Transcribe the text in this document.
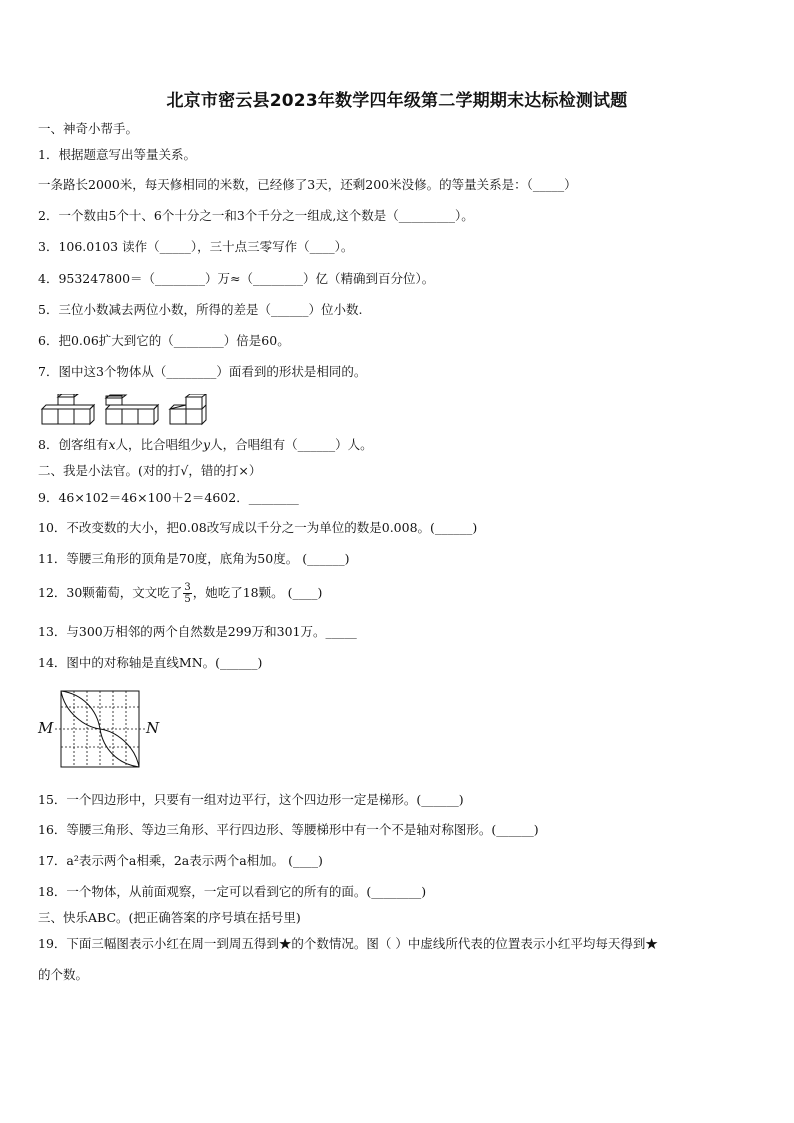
北京市密云县2023年数学四年级第二学期期末达标检测试题
一、神奇小帮手。
1．根据题意写出等量关系。
一条路长2000米，每天修相同的米数，已经修了3天，还剩200米没修。的等量关系是：（_____）
2．一个数由5个十、6个十分之一和3个千分之一组成,这个数是（_________）。
3．106.0103 读作（_____），三十点三零写作（____）。
4．953247800＝（________）万≈（________）亿（精确到百分位）。
5．三位小数减去两位小数，所得的差是（______）位小数.
6．把0.06扩大到它的（________）倍是60。
7．图中这3个物体从（________）面看到的形状是相同的。
8．创客组有x人，比合唱组少y人，合唱组有（______）人。
二、我是小法官。(对的打√，错的打×）
9．46×102＝46×100＋2＝4602．________
10．不改变数的大小，把0.08改写成以千分之一为单位的数是0.008。(______)
11．等腰三角形的顶角是70度，底角为50度。 (______)
12．30颗葡萄，文文吃了 $\frac{3}{5}$ ，她吃了18颗。 (____)
13．与300万相邻的两个自然数是299万和301万。_____
14．图中的对称轴是直线MN。(______)
M	N
15．一个四边形中，只要有一组对边平行，这个四边形一定是梯形。(______)
16．等腰三角形、等边三角形、平行四边形、等腰梯形中有一个不是轴对称图形。(______)
17．a²表示两个a相乘，2a表示两个a相加。 (____)
18．一个物体，从前面观察，一定可以看到它的所有的面。(________)
三、快乐ABC。(把正确答案的序号填在括号里)
19．下面三幅图表示小红在周一到周五得到★的个数情况。图（ ）中虚线所代表的位置表示小红平均每天得到★
的个数。
